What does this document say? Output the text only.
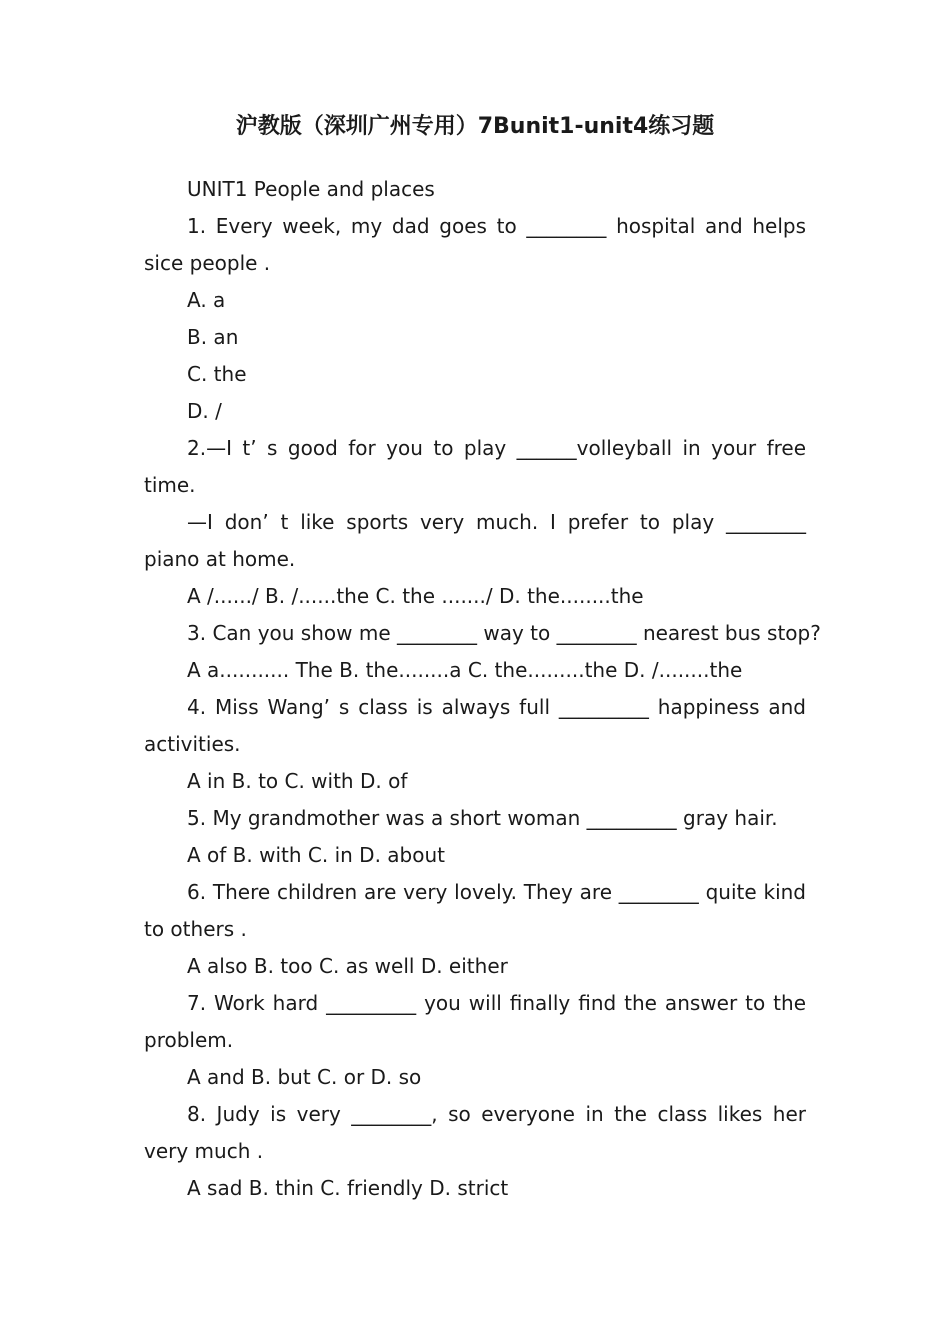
沪教版（深圳广州专用）7Bunit1-unit4练习题

UNIT1 People and places

1. Every week, my dad goes to ________ hospital and helps sice people .

A. a

B. an

C. the

D. /

2.—I t’ s good for you to play ______volleyball in your free time.

—I don’ t like sports very much. I prefer to play ________ piano at home.

A /....../ B. /......the C. the ......./ D. the........the

3. Can you show me ________ way to ________ nearest bus stop?

A a........... The B. the........a C. the.........the D. /........the

4. Miss Wang’ s class is always full _________ happiness and activities.

A in B. to C. with D. of

5. My grandmother was a short woman _________ gray hair.

A of B. with C. in D. about

6. There children are very lovely. They are ________ quite kind to others .

A also B. too C. as well D. either

7. Work hard _________ you will finally find the answer to the problem.

A and B. but C. or D. so

8. Judy is very ________, so everyone in the class likes her very much .

A sad B. thin C. friendly D. strict
